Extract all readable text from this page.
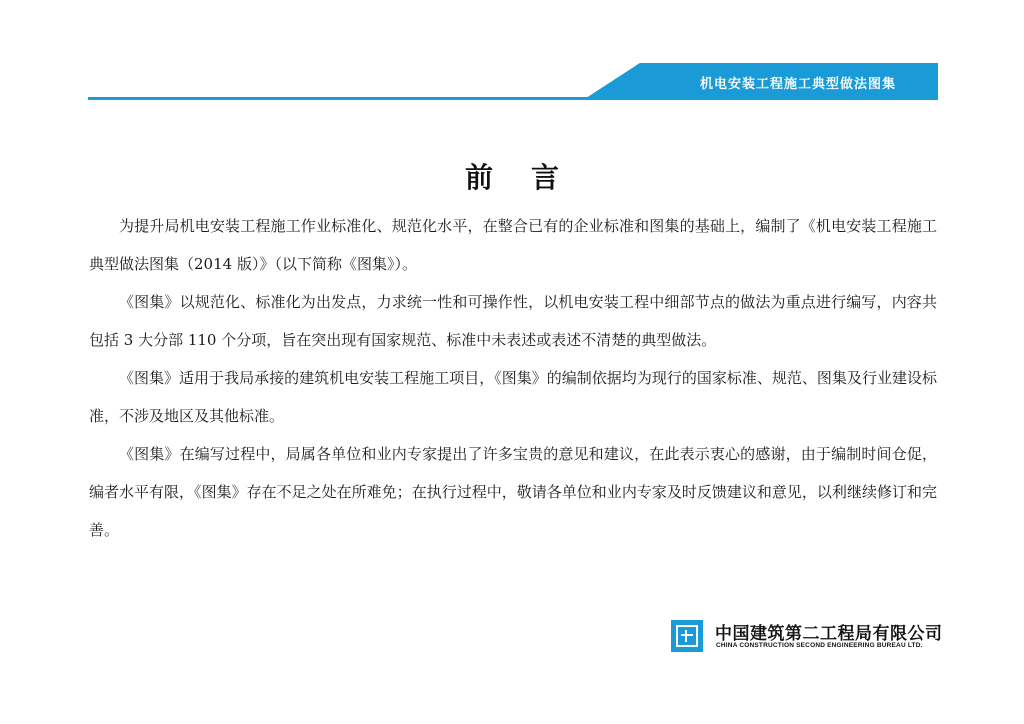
机电安装工程施工典型做法图集
前言

为提升局机电安装工程施工作业标准化、规范化水平，在整合已有的企业标准和图集的基础上，编制了《机电安装工程施工典型做法图集（2014 版）》（以下简称《图集》）。

《图集》以规范化、标准化为出发点，力求统一性和可操作性，以机电安装工程中细部节点的做法为重点进行编写，内容共包括 3 大分部 110 个分项，旨在突出现有国家规范、标准中未表述或表述不清楚的典型做法。

《图集》适用于我局承接的建筑机电安装工程施工项目，《图集》的编制依据均为现行的国家标准、规范、图集及行业建设标准，不涉及地区及其他标准。

《图集》在编写过程中，局属各单位和业内专家提出了许多宝贵的意见和建议，在此表示衷心的感谢，由于编制时间仓促，编者水平有限，《图集》存在不足之处在所难免；在执行过程中，敬请各单位和业内专家及时反馈建议和意见，以利继续修订和完善。

中国建筑第二工程局有限公司
CHINA CONSTRUCTION SECOND ENGINEERING BUREAU LTD.
